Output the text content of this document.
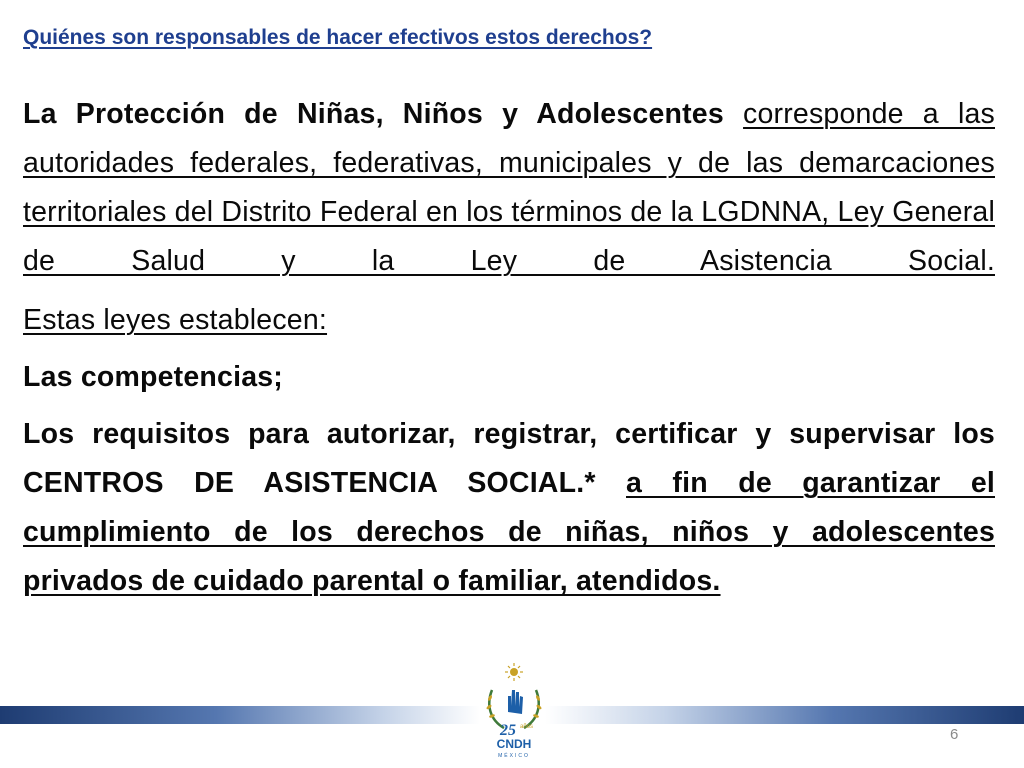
Quiénes son responsables de hacer efectivos estos derechos?

La Protección de Niñas, Niños y Adolescentes corresponde a las autoridades federales, federativas, municipales y de las demarcaciones territoriales del Distrito Federal en los términos de la LGDNNA, Ley General de Salud y la Ley de Asistencia Social.

Estas leyes establecen:

Las competencias;

Los requisitos para autorizar, registrar, certificar y supervisar los CENTROS DE ASISTENCIA SOCIAL.* a fin de garantizar el cumplimiento de los derechos de niñas, niños y adolescentes privados de cuidado parental o familiar, atendidos.

25 años
CNDH
MÉXICO
6
